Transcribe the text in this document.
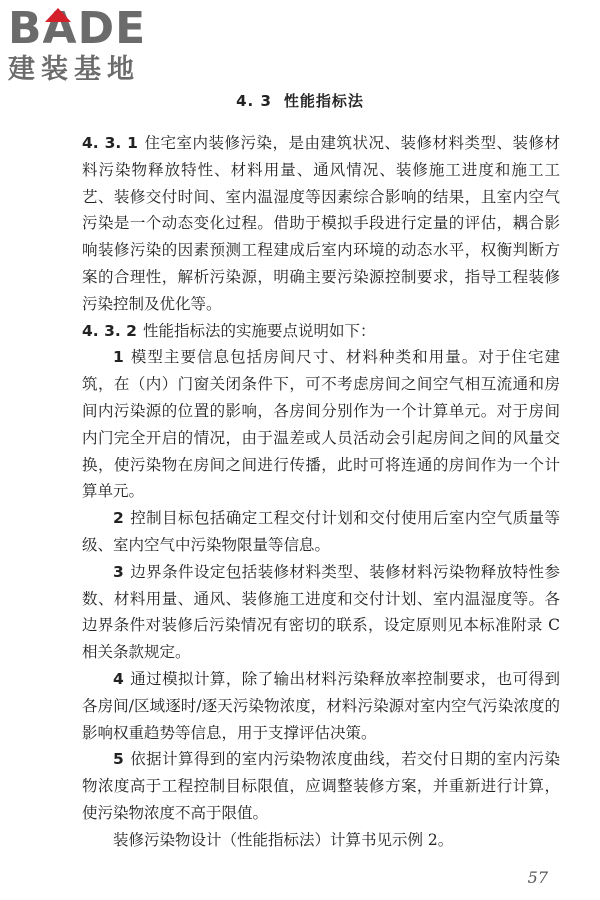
B A DE
建装基地
4. 3 性能指标法

4. 3. 1 住宅室内装修污染，是由建筑状况、装修材料类型、装修材料污染物释放特性、材料用量、通风情况、装修施工进度和施工工艺、装修交付时间、室内温湿度等因素综合影响的结果，且室内空气污染是一个动态变化过程。借助于模拟手段进行定量的评估，耦合影响装修污染的因素预测工程建成后室内环境的动态水平，权衡判断方案的合理性，解析污染源，明确主要污染源控制要求，指导工程装修污染控制及优化等。

4. 3. 2 性能指标法的实施要点说明如下：

1 模型主要信息包括房间尺寸、材料种类和用量。对于住宅建筑，在（内）门窗关闭条件下，可不考虑房间之间空气相互流通和房间内污染源的位置的影响，各房间分别作为一个计算单元。对于房间内门完全开启的情况，由于温差或人员活动会引起房间之间的风量交换，使污染物在房间之间进行传播，此时可将连通的房间作为一个计算单元。

2 控制目标包括确定工程交付计划和交付使用后室内空气质量等级、室内空气中污染物限量等信息。

3 边界条件设定包括装修材料类型、装修材料污染物释放特性参数、材料用量、通风、装修施工进度和交付计划、室内温湿度等。各边界条件对装修后污染情况有密切的联系，设定原则见本标准附录 C 相关条款规定。

4 通过模拟计算，除了输出材料污染释放率控制要求，也可得到各房间/区域逐时/逐天污染物浓度，材料污染源对室内空气污染浓度的影响权重趋势等信息，用于支撑评估决策。

5 依据计算得到的室内污染物浓度曲线，若交付日期的室内污染物浓度高于工程控制目标限值，应调整装修方案，并重新进行计算，使污染物浓度不高于限值。

装修污染物设计（性能指标法）计算书见示例 2。

57
